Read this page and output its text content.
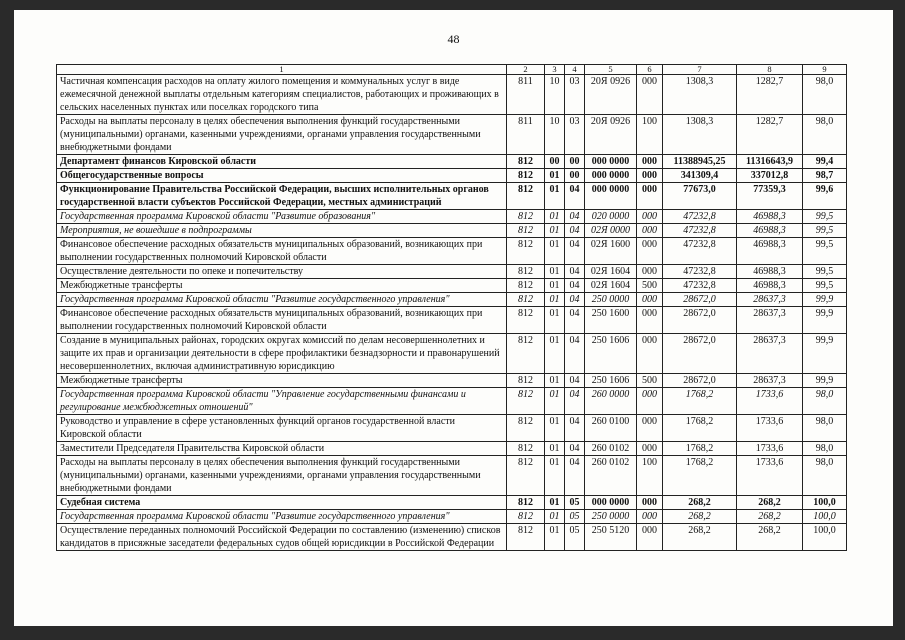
48
1	2	3	4	5	6	7	8	9
Частичная компенсация расходов на оплату жилого помещения и коммунальных услуг в виде ежемесячной денежной выплаты отдельным категориям специалистов, работающих и проживающих в сельских населенных пунктах или поселках городского типа	811	10	03	20Я 0926	000	1308,3	1282,7	98,0
Расходы на выплаты персоналу в целях обеспечения выполнения функций государственными (муниципальными) органами, казенными учреждениями, органами управления государственными внебюджетными фондами	811	10	03	20Я 0926	100	1308,3	1282,7	98,0
Департамент финансов Кировской области	812	00	00	000 0000	000	11388945,25	11316643,9	99,4
Общегосударственные вопросы	812	01	00	000 0000	000	341309,4	337012,8	98,7
Функционирование Правительства Российской Федерации, высших исполнительных органов государственной власти субъектов Российской Федерации, местных администраций	812	01	04	000 0000	000	77673,0	77359,3	99,6
Государственная программа Кировской области "Развитие образования"	812	01	04	020 0000	000	47232,8	46988,3	99,5
Мероприятия, не вошедшие в подпрограммы	812	01	04	02Я 0000	000	47232,8	46988,3	99,5
Финансовое обеспечение расходных обязательств муниципальных образований, возникающих при выполнении государственных полномочий Кировской области	812	01	04	02Я 1600	000	47232,8	46988,3	99,5
Осуществление деятельности по опеке и попечительству	812	01	04	02Я 1604	000	47232,8	46988,3	99,5
Межбюджетные трансферты	812	01	04	02Я 1604	500	47232,8	46988,3	99,5
Государственная программа Кировской области "Развитие государственного управления"	812	01	04	250 0000	000	28672,0	28637,3	99,9
Финансовое обеспечение расходных обязательств муниципальных образований, возникающих при выполнении государственных полномочий Кировской области	812	01	04	250 1600	000	28672,0	28637,3	99,9
Создание в муниципальных районах, городских округах комиссий по делам несовершеннолетних и защите их прав и организации деятельности в сфере профилактики безнадзорности и правонарушений несовершеннолетних, включая административную юрисдикцию	812	01	04	250 1606	000	28672,0	28637,3	99,9
Межбюджетные трансферты	812	01	04	250 1606	500	28672,0	28637,3	99,9
Государственная программа Кировской области "Управление государственными финансами и регулирование межбюджетных отношений"	812	01	04	260 0000	000	1768,2	1733,6	98,0
Руководство и управление в сфере установленных функций органов государственной власти Кировской области	812	01	04	260 0100	000	1768,2	1733,6	98,0
Заместители Председателя Правительства Кировской области	812	01	04	260 0102	000	1768,2	1733,6	98,0
Расходы на выплаты персоналу в целях обеспечения выполнения функций государственными (муниципальными) органами, казенными учреждениями, органами управления государственными внебюджетными фондами	812	01	04	260 0102	100	1768,2	1733,6	98,0
Судебная система	812	01	05	000 0000	000	268,2	268,2	100,0
Государственная программа Кировской области "Развитие государственного управления"	812	01	05	250 0000	000	268,2	268,2	100,0
Осуществление переданных полномочий Российской Федерации по составлению (изменению) списков кандидатов в присяжные заседатели федеральных судов общей юрисдикции в Российской Федерации	812	01	05	250 5120	000	268,2	268,2	100,0
